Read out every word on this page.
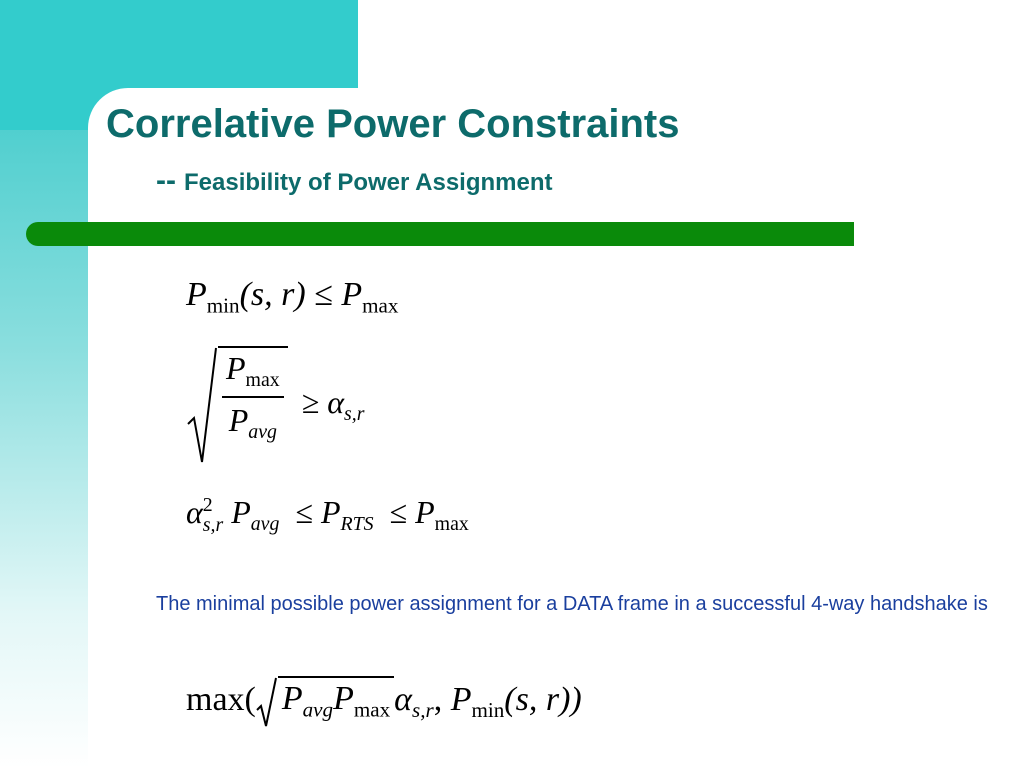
Correlative Power Constraints
-- Feasibility of Power Assignment
$P_{min}(s$, $r) \le P_{max}$
$\frac{P_{max}}{P_{avg}} \ge \alpha_{s,r}$
α 2
s,r $P_{avg} \le P_{RTS} \le P_{max}$
The minimal possible power assignment for a DATA frame in a successful 4-way handshake is
max( $P_{avg}P_{max}$ $\alpha_{s,r}$, $P_{min}(s$, r))
